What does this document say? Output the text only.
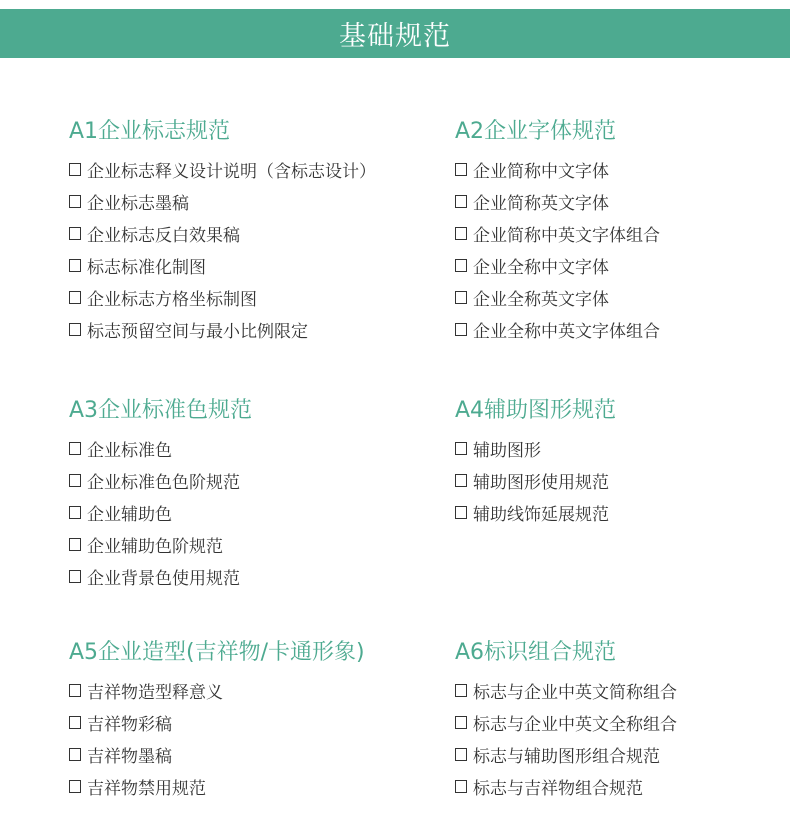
基础规范
A1企业标志规范
企业标志释义设计说明（含标志设计）
企业标志墨稿
企业标志反白效果稿
标志标准化制图
企业标志方格坐标制图
标志预留空间与最小比例限定
A2企业字体规范
企业简称中文字体
企业简称英文字体
企业简称中英文字体组合
企业全称中文字体
企业全称英文字体
企业全称中英文字体组合
A3企业标准色规范
企业标准色
企业标准色色阶规范
企业辅助色
企业辅助色阶规范
企业背景色使用规范
A4辅助图形规范
辅助图形
辅助图形使用规范
辅助线饰延展规范
A5企业造型(吉祥物/卡通形象)
吉祥物造型释意义
吉祥物彩稿
吉祥物墨稿
吉祥物禁用规范
A6标识组合规范
标志与企业中英文简称组合
标志与企业中英文全称组合
标志与辅助图形组合规范
标志与吉祥物组合规范
